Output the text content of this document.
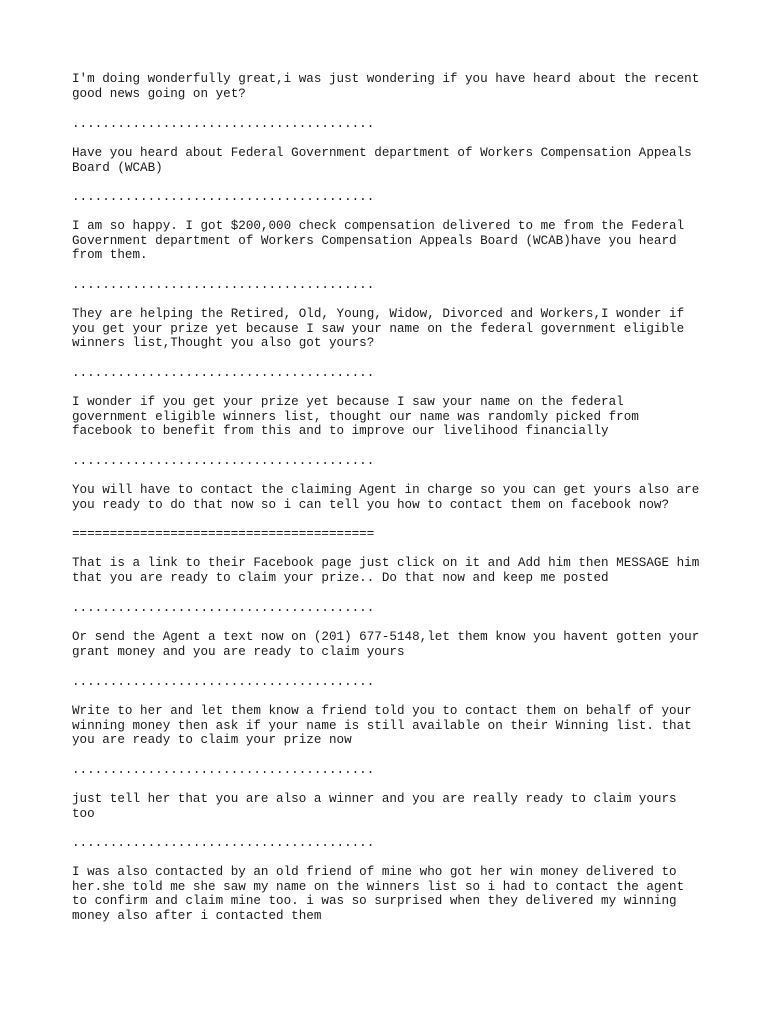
I'm doing wonderfully great,i was just wondering if you have heard about the recent
good news going on yet?

........................................

Have you heard about Federal Government department of Workers Compensation Appeals
Board (WCAB)

........................................

I am so happy. I got $200,000 check compensation delivered to me from the Federal
Government department of Workers Compensation Appeals Board (WCAB)have you heard
from them.

........................................

They are helping the Retired, Old, Young, Widow, Divorced and Workers,I wonder if
you get your prize yet because I saw your name on the federal government eligible
winners list,Thought you also got yours?

........................................

I wonder if you get your prize yet because I saw your name on the federal
government eligible winners list, thought our name was randomly picked from
facebook to benefit from this and to improve our livelihood financially

........................................

You will have to contact the claiming Agent in charge so you can get yours also are
you ready to do that now so i can tell you how to contact them on facebook now?

========================================

That is a link to their Facebook page just click on it and Add him then MESSAGE him
that you are ready to claim your prize.. Do that now and keep me posted

........................................

Or send the Agent a text now on (201) 677-5148,let them know you havent gotten your
grant money and you are ready to claim yours

........................................

Write to her and let them know a friend told you to contact them on behalf of your
winning money then ask if your name is still available on their Winning list. that
you are ready to claim your prize now

........................................

just tell her that you are also a winner and you are really ready to claim yours
too

........................................

I was also contacted by an old friend of mine who got her win money delivered to
her.she told me she saw my name on the winners list so i had to contact the agent
to confirm and claim mine too. i was so surprised when they delivered my winning
money also after i contacted them
